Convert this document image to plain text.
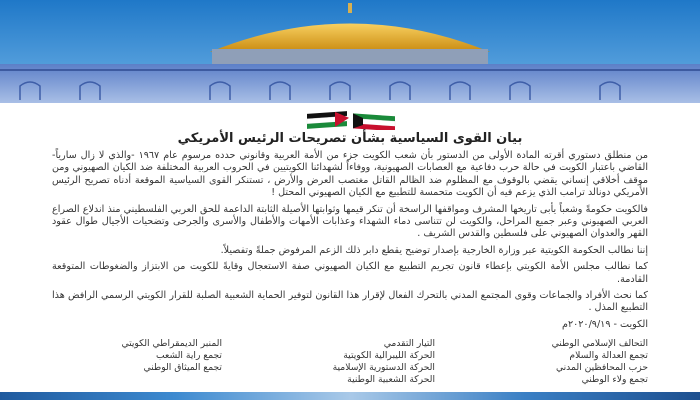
بيان القوى السياسية بشأن تصريحات الرئيس الأمريكي

من منطلق دستوري أقرته المادة الأولى من الدستور بأن شعب الكويت جزء من الأمة العربية وقانوني حدده مرسوم عام ١٩٦٧ -والذي لا زال سارياً- القاضي باعتبار الكويت في حالة حرب دفاعية مع العصابات الصهيونية، ووفاءاً لشهدائنا الكويتيين في الحروب العربية المختلفة ضد الكيان الصهيوني ومن موقف أخلاقي إنساني يقضي بالوقوف مع المظلوم ضد الظالم القاتل مغتصب العرض والأرض ، تستنكر القوى السياسية الموقعة أدناه تصريح الرئيس الأمريكي دونالد ترامب الذي يزعم فيه أن الكويت متحمسة للتطبيع مع الكيان الصهيوني المحتل !

فالكويت حكومةً وشعباً يأبى تاريخها المشرف ومواقفها الراسخة أن تنكر قيمها وثوابتها الأصيلة الثابتة الداعمة للحق العربي الفلسطيني منذ اندلاع الصراع العربي الصهيوني وعبر جميع المراحل، والكويت لن تتناسى دماء الشهداء وعذابات الأمهات والأطفال والأسرى والجرحى وتضحيات الأجيال طوال عقود القهر والعدوان الصهيوني على فلسطين والقدس الشريف .

إننا نطالب الحكومة الكويتية عبر وزارة الخارجية بإصدار توضيح يقطع دابر ذلك الزعم المرفوض جملةً وتفصيلاً.

كما نطالب مجلس الأمة الكويتي بإعطاء قانون تجريم التطبيع مع الكيان الصهيوني صفة الاستعجال وقايةً للكويت من الابتزاز والضغوطات المتوقعة القادمة.

كما نحث الأفراد والجماعات وقوى المجتمع المدني بالتحرك الفعال لإقرار هذا القانون لتوفير الحماية الشعبية الصلبة للقرار الكويتي الرسمي الرافض هذا التطبيع المذل .

الكويت - ٢٠٢٠/٩/١٩م
التحالف الإسلامي الوطني
تجمع العدالة والسلام
حزب المحافظين المدني
تجمع ولاء الوطني
التيار التقدمي
الحركة الليبرالية الكويتية
الحركة الدستورية الإسلامية
الحركة الشعبية الوطنية
المنبر الديمقراطي الكويتي
تجمع راية الشعب
تجمع الميثاق الوطني
